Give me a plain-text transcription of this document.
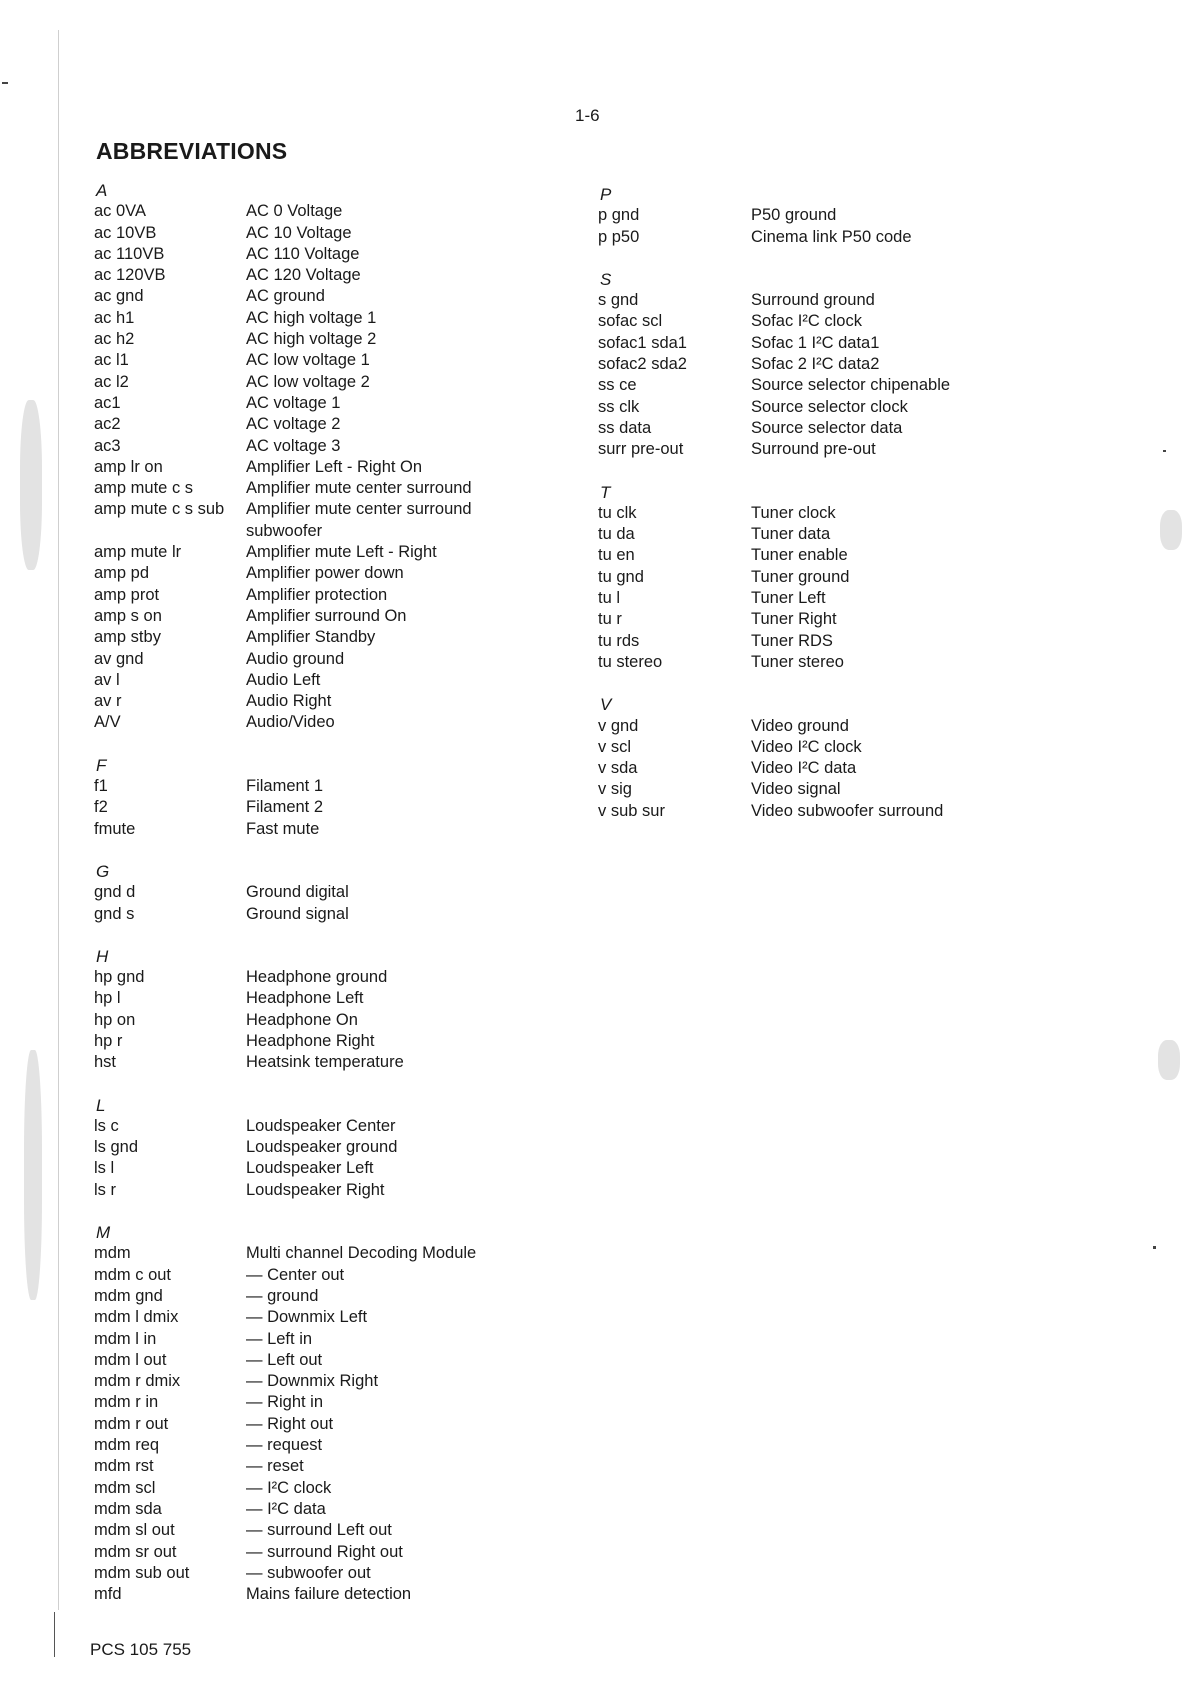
1-6
ABBREVIATIONS
A
ac 0VA	AC 0 Voltage
ac 10VB	AC 10 Voltage
ac 110VB	AC 110 Voltage
ac 120VB	AC 120 Voltage
ac gnd	AC ground
ac h1	AC high voltage 1
ac h2	AC high voltage 2
ac l1	AC low voltage 1
ac l2	AC low voltage 2
ac1	AC voltage 1
ac2	AC voltage 2
ac3	AC voltage 3
amp lr on	Amplifier Left - Right On
amp mute c s	Amplifier mute center surround
amp mute c s sub	Amplifier mute center surround subwoofer
amp mute lr	Amplifier mute Left - Right
amp pd	Amplifier power down
amp prot	Amplifier protection
amp s on	Amplifier surround On
amp stby	Amplifier Standby
av gnd	Audio ground
av l	Audio Left
av r	Audio Right
A/V	Audio/Video
F
f1	Filament 1
f2	Filament 2
fmute	Fast mute
G
gnd d	Ground digital
gnd s	Ground signal
H
hp gnd	Headphone ground
hp l	Headphone Left
hp on	Headphone On
hp r	Headphone Right
hst	Heatsink temperature
L
ls c	Loudspeaker Center
ls gnd	Loudspeaker ground
ls l	Loudspeaker Left
ls r	Loudspeaker Right
M
mdm	Multi channel Decoding Module
mdm c out	— Center out
mdm gnd	— ground
mdm l dmix	— Downmix Left
mdm l in	— Left in
mdm l out	— Left out
mdm r dmix	— Downmix Right
mdm r in	— Right in
mdm r out	— Right out
mdm req	— request
mdm rst	— reset
mdm scl	— I²C clock
mdm sda	— I²C data
mdm sl out	— surround Left out
mdm sr out	— surround Right out
mdm sub out	— subwoofer out
mfd	Mains failure detection
P
p gnd	P50 ground
p p50	Cinema link P50 code
S
s gnd	Surround ground
sofac scl	Sofac I²C clock
sofac1 sda1	Sofac 1 I²C data1
sofac2 sda2	Sofac 2 I²C data2
ss ce	Source selector chipenable
ss clk	Source selector clock
ss data	Source selector data
surr pre-out	Surround pre-out
T
tu clk	Tuner clock
tu da	Tuner data
tu en	Tuner enable
tu gnd	Tuner ground
tu l	Tuner Left
tu r	Tuner Right
tu rds	Tuner RDS
tu stereo	Tuner stereo
V
v gnd	Video ground
v scl	Video I²C clock
v sda	Video I²C data
v sig	Video signal
v sub sur	Video subwoofer surround
PCS 105 755
